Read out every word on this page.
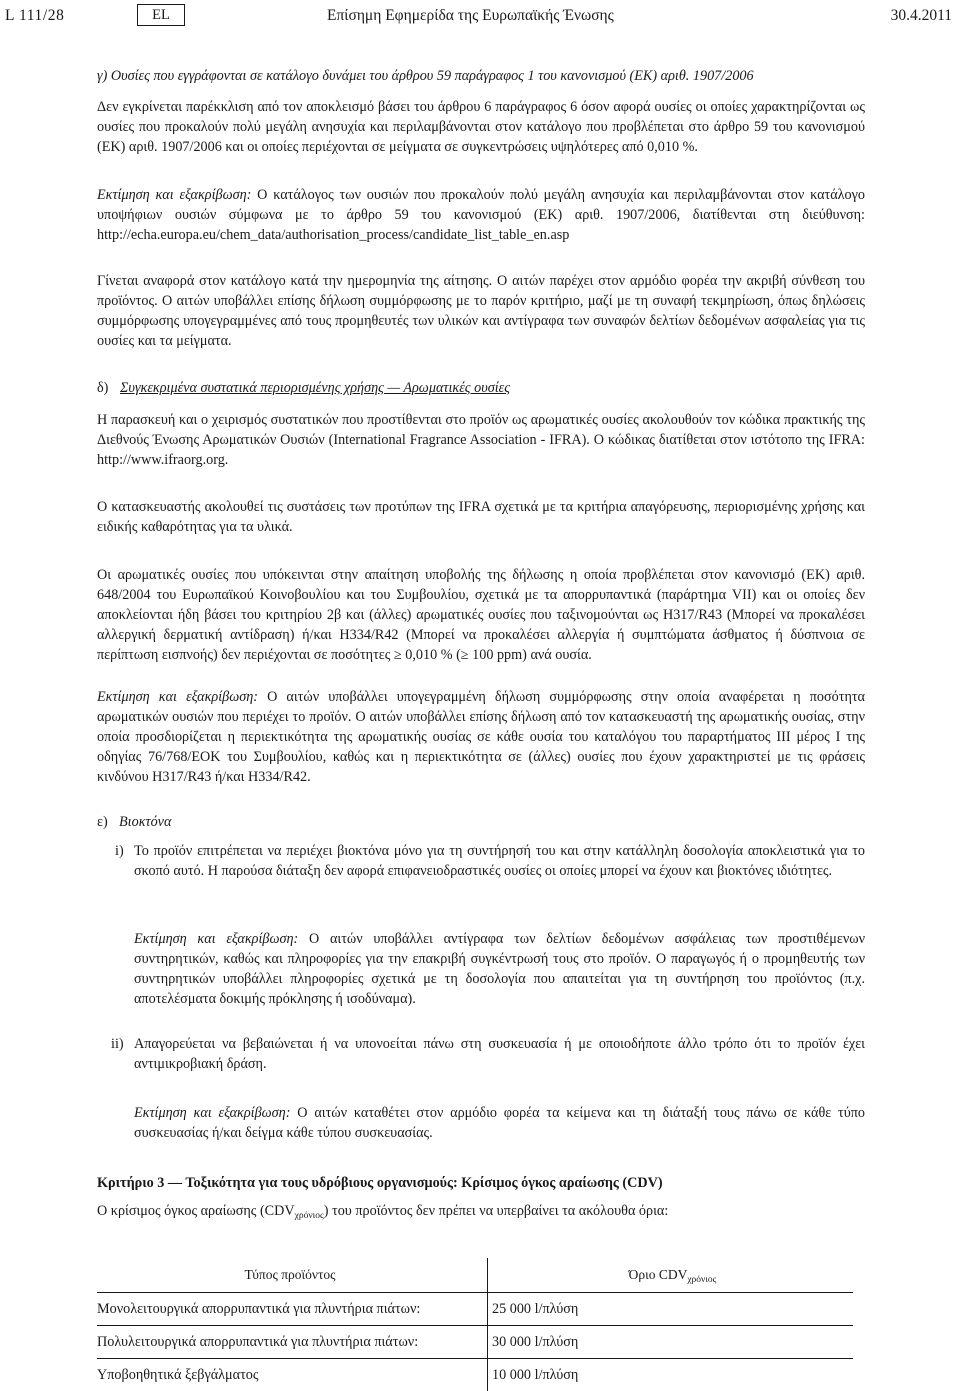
L 111/28	EL	Επίσημη Εφημερίδα της Ευρωπαϊκής Ένωσης	30.4.2011
γ) Ουσίες που εγγράφονται σε κατάλογο δυνάμει του άρθρου 59 παράγραφος 1 του κανονισμού (ΕΚ) αριθ. 1907/2006
Δεν εγκρίνεται παρέκκλιση από τον αποκλεισμό βάσει του άρθρου 6 παράγραφος 6 όσον αφορά ουσίες οι οποίες χαρακτηρίζονται ως ουσίες που προκαλούν πολύ μεγάλη ανησυχία και περιλαμβάνονται στον κατάλογο που προβλέπεται στο άρθρο 59 του κανονισμού (ΕΚ) αριθ. 1907/2006 και οι οποίες περιέχονται σε μείγματα σε συγκεντρώσεις υψηλότερες από 0,010 %.
Εκτίμηση και εξακρίβωση: Ο κατάλογος των ουσιών που προκαλούν πολύ μεγάλη ανησυχία και περιλαμβάνονται στον κατάλογο υποψήφιων ουσιών σύμφωνα με το άρθρο 59 του κανονισμού (ΕΚ) αριθ. 1907/2006, διατίθενται στη διεύθυνση: http://echa.europa.eu/chem_data/authorisation_process/candidate_list_table_en.asp
Γίνεται αναφορά στον κατάλογο κατά την ημερομηνία της αίτησης. Ο αιτών παρέχει στον αρμόδιο φορέα την ακριβή σύνθεση του προϊόντος. Ο αιτών υποβάλλει επίσης δήλωση συμμόρφωσης με το παρόν κριτήριο, μαζί με τη συναφή τεκμηρίωση, όπως δηλώσεις συμμόρφωσης υπογεγραμμένες από τους προμηθευτές των υλικών και αντίγραφα των συναφών δελτίων δεδομένων ασφαλείας για τις ουσίες και τα μείγματα.
δ) Συγκεκριμένα συστατικά περιορισμένης χρήσης — Αρωματικές ουσίες
Η παρασκευή και ο χειρισμός συστατικών που προστίθενται στο προϊόν ως αρωματικές ουσίες ακολουθούν τον κώδικα πρακτικής της Διεθνούς Ένωσης Αρωματικών Ουσιών (International Fragrance Association - IFRA). Ο κώδικας διατίθεται στον ιστότοπο της IFRA: http://www.ifraorg.org.
Ο κατασκευαστής ακολουθεί τις συστάσεις των προτύπων της IFRA σχετικά με τα κριτήρια απαγόρευσης, περιορισμένης χρήσης και ειδικής καθαρότητας για τα υλικά.
Οι αρωματικές ουσίες που υπόκεινται στην απαίτηση υποβολής της δήλωσης η οποία προβλέπεται στον κανονισμό (ΕΚ) αριθ. 648/2004 του Ευρωπαϊκού Κοινοβουλίου και του Συμβουλίου, σχετικά με τα απορρυπαντικά (παράρτημα VII) και οι οποίες δεν αποκλείονται ήδη βάσει του κριτηρίου 2β και (άλλες) αρωματικές ουσίες που ταξινομούνται ως H317/R43 (Μπορεί να προκαλέσει αλλεργική δερματική αντίδραση) ή/και H334/R42 (Μπορεί να προκαλέσει αλλεργία ή συμπτώματα άσθματος ή δύσπνοια σε περίπτωση εισπνοής) δεν περιέχονται σε ποσότητες ≥ 0,010 % (≥ 100 ppm) ανά ουσία.
Εκτίμηση και εξακρίβωση: Ο αιτών υποβάλλει υπογεγραμμένη δήλωση συμμόρφωσης στην οποία αναφέρεται η ποσότητα αρωματικών ουσιών που περιέχει το προϊόν. Ο αιτών υποβάλλει επίσης δήλωση από τον κατασκευαστή της αρωματικής ουσίας, στην οποία προσδιορίζεται η περιεκτικότητα της αρωματικής ουσίας σε κάθε ουσία του καταλόγου του παραρτήματος III μέρος I της οδηγίας 76/768/ΕΟΚ του Συμβουλίου, καθώς και η περιεκτικότητα σε (άλλες) ουσίες που έχουν χαρακτηριστεί με τις φράσεις κινδύνου H317/R43 ή/και H334/R42.
ε) Βιοκτόνα
i) Το προϊόν επιτρέπεται να περιέχει βιοκτόνα μόνο για τη συντήρησή του και στην κατάλληλη δοσολογία αποκλειστικά για το σκοπό αυτό. Η παρούσα διάταξη δεν αφορά επιφανειοδραστικές ουσίες οι οποίες μπορεί να έχουν και βιοκτόνες ιδιότητες.
Εκτίμηση και εξακρίβωση: Ο αιτών υποβάλλει αντίγραφα των δελτίων δεδομένων ασφάλειας των προστιθέμενων συντηρητικών, καθώς και πληροφορίες για την επακριβή συγκέντρωσή τους στο προϊόν. Ο παραγωγός ή ο προμηθευτής των συντηρητικών υποβάλλει πληροφορίες σχετικά με τη δοσολογία που απαιτείται για τη συντήρηση του προϊόντος (π.χ. αποτελέσματα δοκιμής πρόκλησης ή ισοδύναμα).
ii) Απαγορεύεται να βεβαιώνεται ή να υπονοείται πάνω στη συσκευασία ή με οποιοδήποτε άλλο τρόπο ότι το προϊόν έχει αντιμικροβιακή δράση.
Εκτίμηση και εξακρίβωση: Ο αιτών καταθέτει στον αρμόδιο φορέα τα κείμενα και τη διάταξή τους πάνω σε κάθε τύπο συσκευασίας ή/και δείγμα κάθε τύπου συσκευασίας.
Κριτήριο 3 — Τοξικότητα για τους υδρόβιους οργανισμούς: Κρίσιμος όγκος αραίωσης (CDV)
Ο κρίσιμος όγκος αραίωσης $(CDV_{\chi\rho ό\nu\iota o\varsigma})$ του προϊόντος δεν πρέπει να υπερβαίνει τα ακόλουθα όρια:
Τύπος προϊόντος	Όριο $CDV_{\chi\rho ό\nu\iota o\varsigma}$
Μονολειτουργικά απορρυπαντικά για πλυντήρια πιάτων:	25 000 l/πλύση
Πολυλειτουργικά απορρυπαντικά για πλυντήρια πιάτων:	30 000 l/πλύση
Υποβοηθητικά ξεβγάλματος	10 000 l/πλύση
